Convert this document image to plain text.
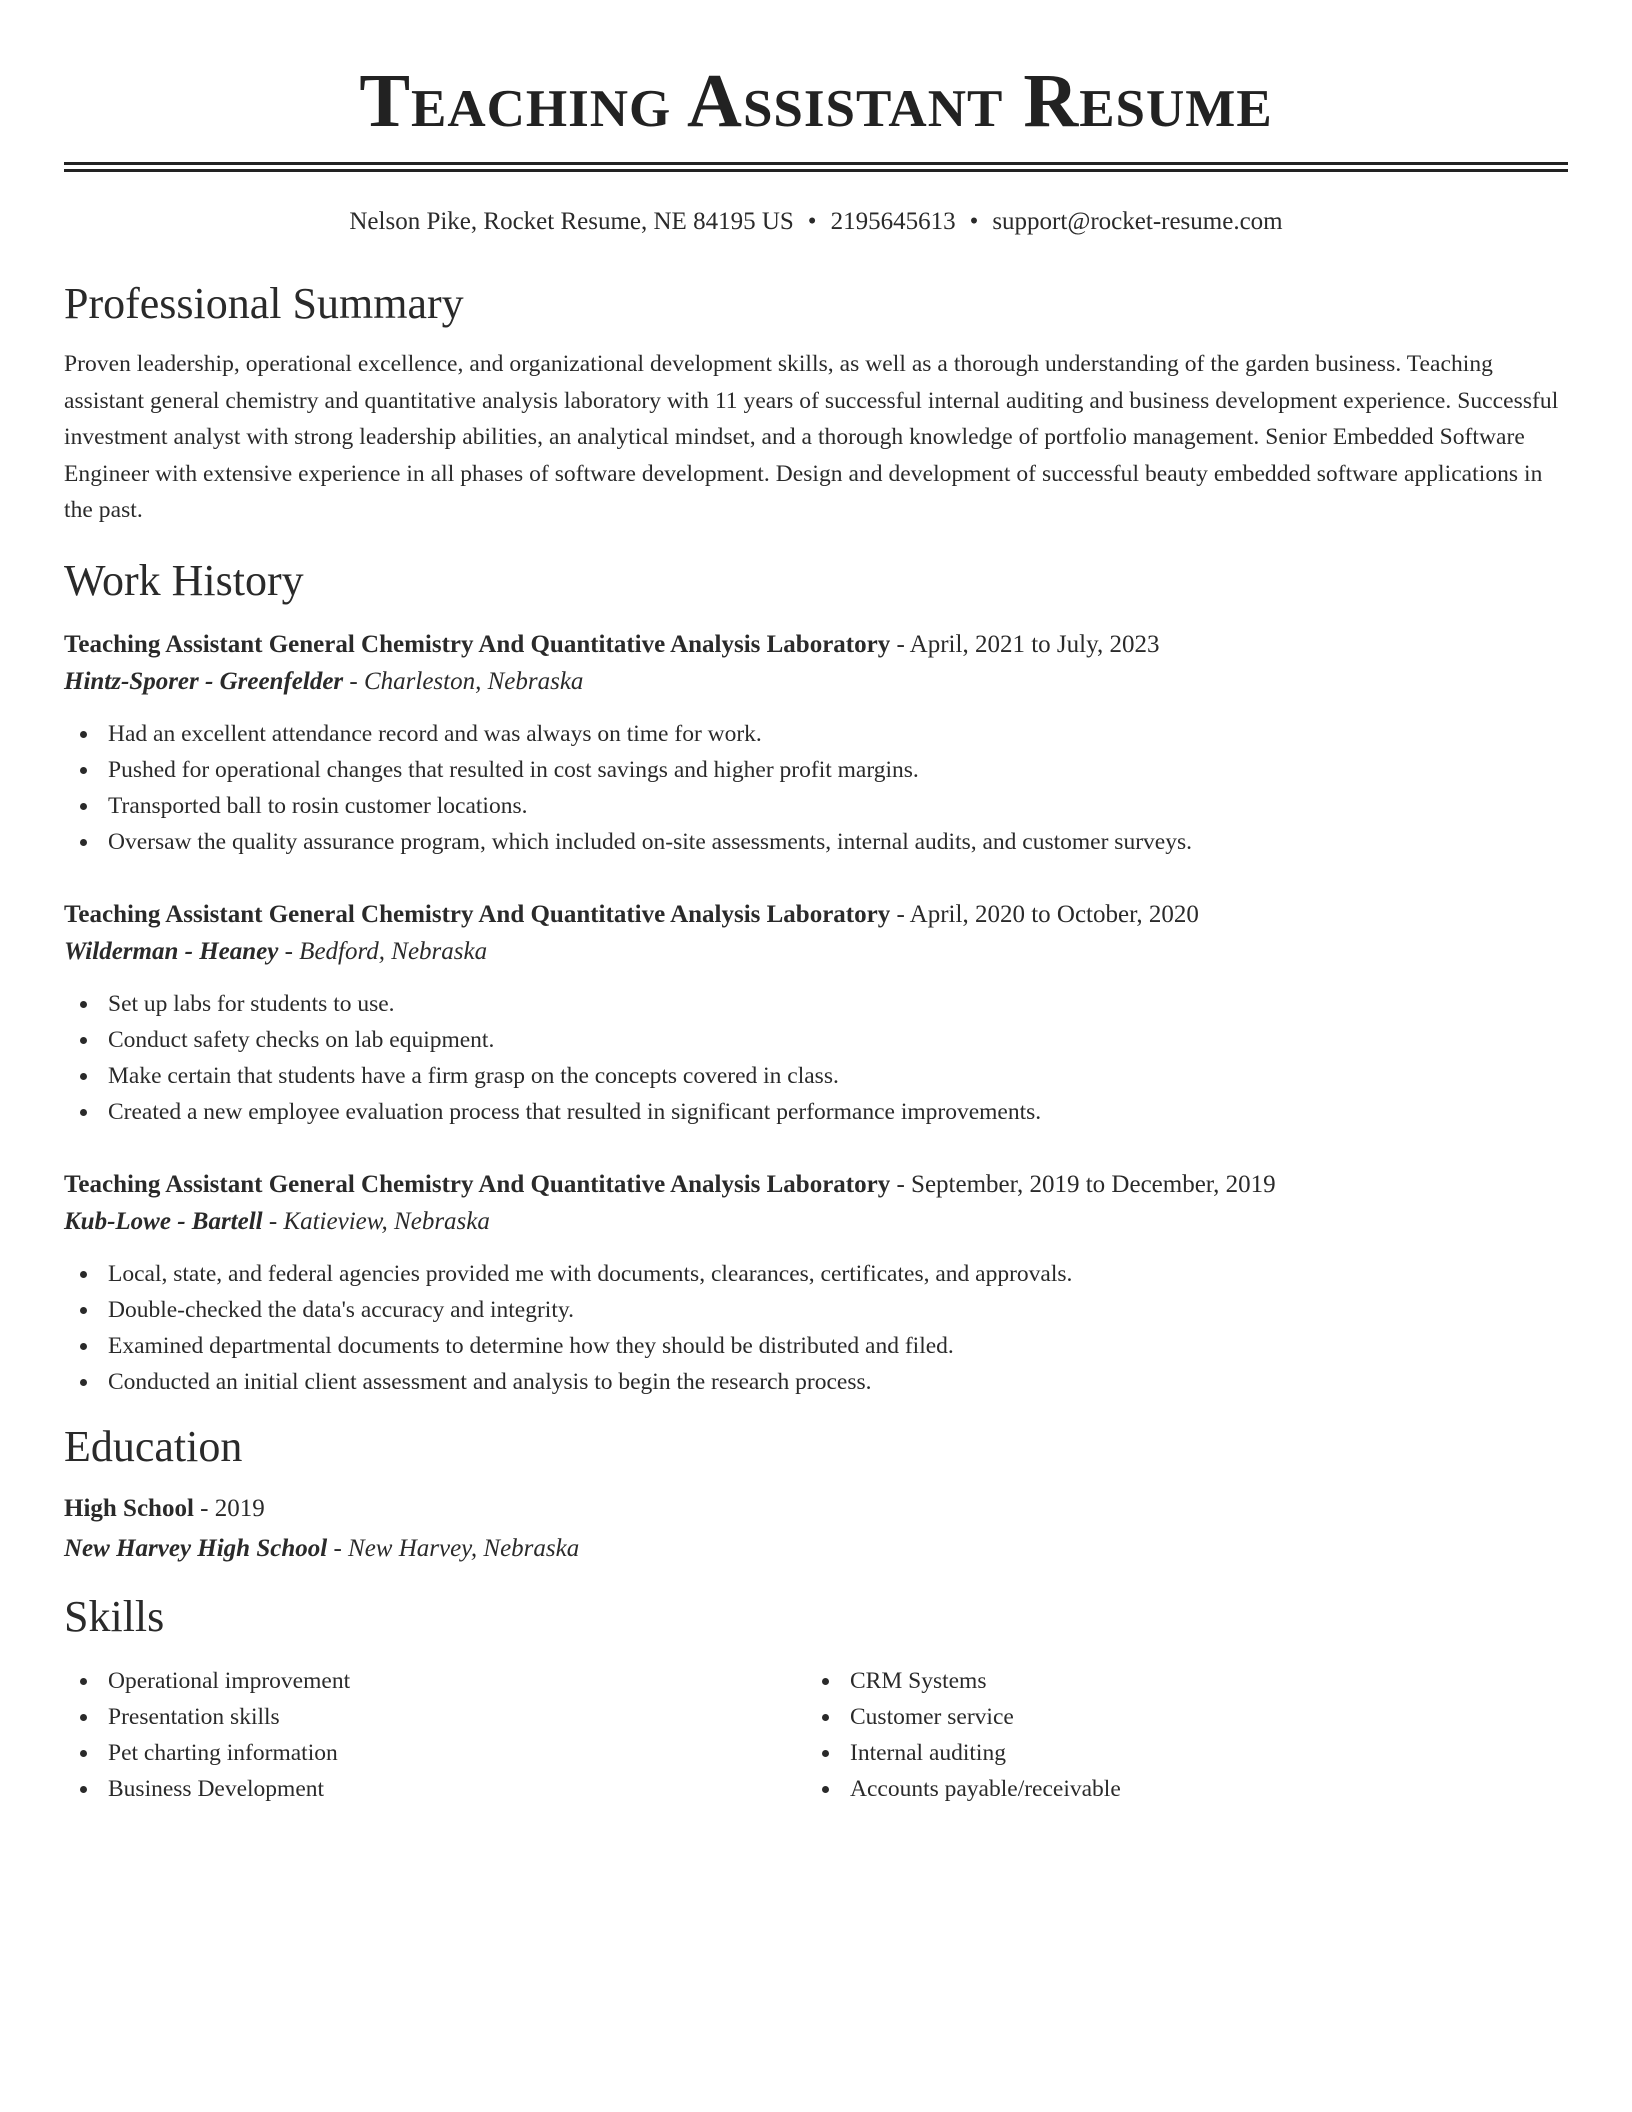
Teaching Assistant Resume
Nelson Pike, Rocket Resume, NE 84195 US • 2195645613 • support@rocket-resume.com
Professional Summary
Proven leadership, operational excellence, and organizational development skills, as well as a thorough understanding of the garden business. Teaching assistant general chemistry and quantitative analysis laboratory with 11 years of successful internal auditing and business development experience. Successful investment analyst with strong leadership abilities, an analytical mindset, and a thorough knowledge of portfolio management. Senior Embedded Software Engineer with extensive experience in all phases of software development. Design and development of successful beauty embedded software applications in the past.
Work History
Teaching Assistant General Chemistry And Quantitative Analysis Laboratory - April, 2021 to July, 2023
Hintz-Sporer - Greenfelder - Charleston, Nebraska
Had an excellent attendance record and was always on time for work.
Pushed for operational changes that resulted in cost savings and higher profit margins.
Transported ball to rosin customer locations.
Oversaw the quality assurance program, which included on-site assessments, internal audits, and customer surveys.
Teaching Assistant General Chemistry And Quantitative Analysis Laboratory - April, 2020 to October, 2020
Wilderman - Heaney - Bedford, Nebraska
Set up labs for students to use.
Conduct safety checks on lab equipment.
Make certain that students have a firm grasp on the concepts covered in class.
Created a new employee evaluation process that resulted in significant performance improvements.
Teaching Assistant General Chemistry And Quantitative Analysis Laboratory - September, 2019 to December, 2019
Kub-Lowe - Bartell - Katieview, Nebraska
Local, state, and federal agencies provided me with documents, clearances, certificates, and approvals.
Double-checked the data's accuracy and integrity.
Examined departmental documents to determine how they should be distributed and filed.
Conducted an initial client assessment and analysis to begin the research process.
Education
High School - 2019
New Harvey High School - New Harvey, Nebraska
Skills
Operational improvement
Presentation skills
Pet charting information
Business Development
CRM Systems
Customer service
Internal auditing
Accounts payable/receivable
